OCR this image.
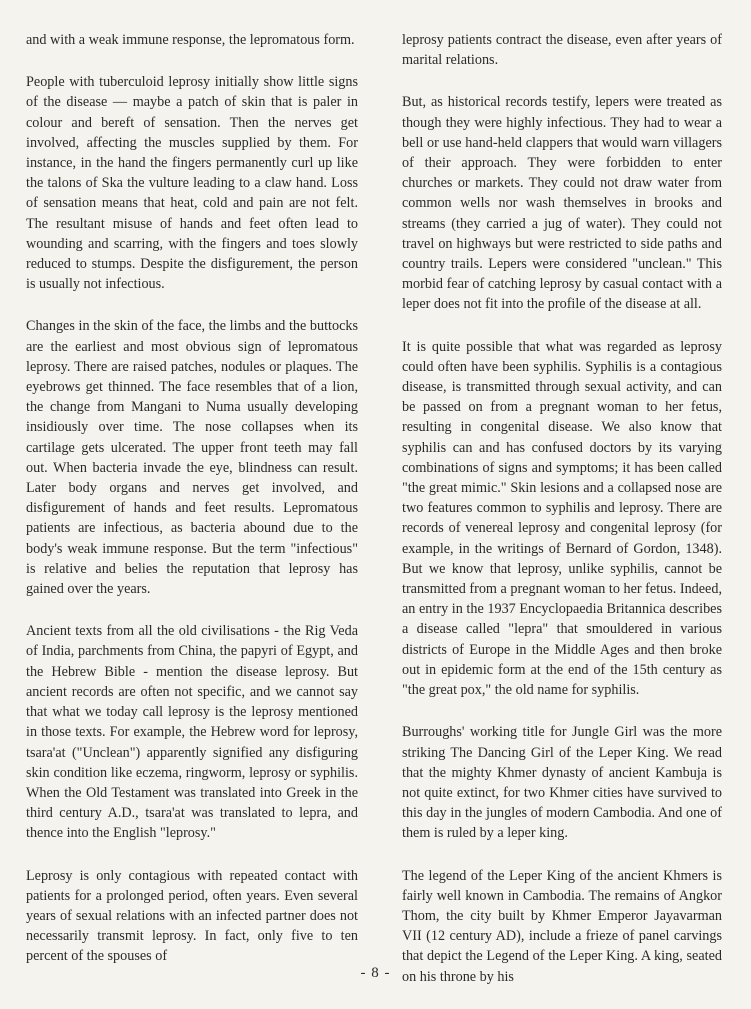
and with a weak immune response, the lepromatous form.

People with tuberculoid leprosy initially show little signs of the disease — maybe a patch of skin that is paler in colour and bereft of sensation. Then the nerves get involved, affecting the muscles supplied by them. For instance, in the hand the fingers permanently curl up like the talons of Ska the vulture leading to a claw hand. Loss of sensation means that heat, cold and pain are not felt. The resultant misuse of hands and feet often lead to wounding and scarring, with the fingers and toes slowly reduced to stumps. Despite the disfigurement, the person is usually not infectious.

Changes in the skin of the face, the limbs and the buttocks are the earliest and most obvious sign of lepromatous leprosy. There are raised patches, nodules or plaques. The eyebrows get thinned. The face resembles that of a lion, the change from Mangani to Numa usually developing insidiously over time. The nose collapses when its cartilage gets ulcerated. The upper front teeth may fall out. When bacteria invade the eye, blindness can result. Later body organs and nerves get involved, and disfigurement of hands and feet results. Lepromatous patients are infectious, as bacteria abound due to the body's weak immune response. But the term "infectious" is relative and belies the reputation that leprosy has gained over the years.

Ancient texts from all the old civilisations - the Rig Veda of India, parchments from China, the papyri of Egypt, and the Hebrew Bible - mention the disease leprosy. But ancient records are often not specific, and we cannot say that what we today call leprosy is the leprosy mentioned in those texts. For example, the Hebrew word for leprosy, tsara'at ("Unclean") apparently signified any disfiguring skin condition like eczema, ringworm, leprosy or syphilis. When the Old Testament was translated into Greek in the third century A.D., tsara'at was translated to lepra, and thence into the English "leprosy."

Leprosy is only contagious with repeated contact with patients for a prolonged period, often years. Even several years of sexual relations with an infected partner does not necessarily transmit leprosy. In fact, only five to ten percent of the spouses of

leprosy patients contract the disease, even after years of marital relations.

But, as historical records testify, lepers were treated as though they were highly infectious. They had to wear a bell or use hand-held clappers that would warn villagers of their approach. They were forbidden to enter churches or markets. They could not draw water from common wells nor wash themselves in brooks and streams (they carried a jug of water). They could not travel on highways but were restricted to side paths and country trails. Lepers were considered "unclean." This morbid fear of catching leprosy by casual contact with a leper does not fit into the profile of the disease at all.

It is quite possible that what was regarded as leprosy could often have been syphilis. Syphilis is a contagious disease, is transmitted through sexual activity, and can be passed on from a pregnant woman to her fetus, resulting in congenital disease. We also know that syphilis can and has confused doctors by its varying combinations of signs and symptoms; it has been called "the great mimic." Skin lesions and a collapsed nose are two features common to syphilis and leprosy. There are records of venereal leprosy and congenital leprosy (for example, in the writings of Bernard of Gordon, 1348). But we know that leprosy, unlike syphilis, cannot be transmitted from a pregnant woman to her fetus. Indeed, an entry in the 1937 Encyclopaedia Britannica describes a disease called "lepra" that smouldered in various districts of Europe in the Middle Ages and then broke out in epidemic form at the end of the 15th century as "the great pox," the old name for syphilis.

Burroughs' working title for Jungle Girl was the more striking The Dancing Girl of the Leper King. We read that the mighty Khmer dynasty of ancient Kambuja is not quite extinct, for two Khmer cities have survived to this day in the jungles of modern Cambodia. And one of them is ruled by a leper king.

The legend of the Leper King of the ancient Khmers is fairly well known in Cambodia. The remains of Angkor Thom, the city built by Khmer Emperor Jayavarman VII (12 century AD), include a frieze of panel carvings that depict the Legend of the Leper King. A king, seated on his throne by his

- 8 -
